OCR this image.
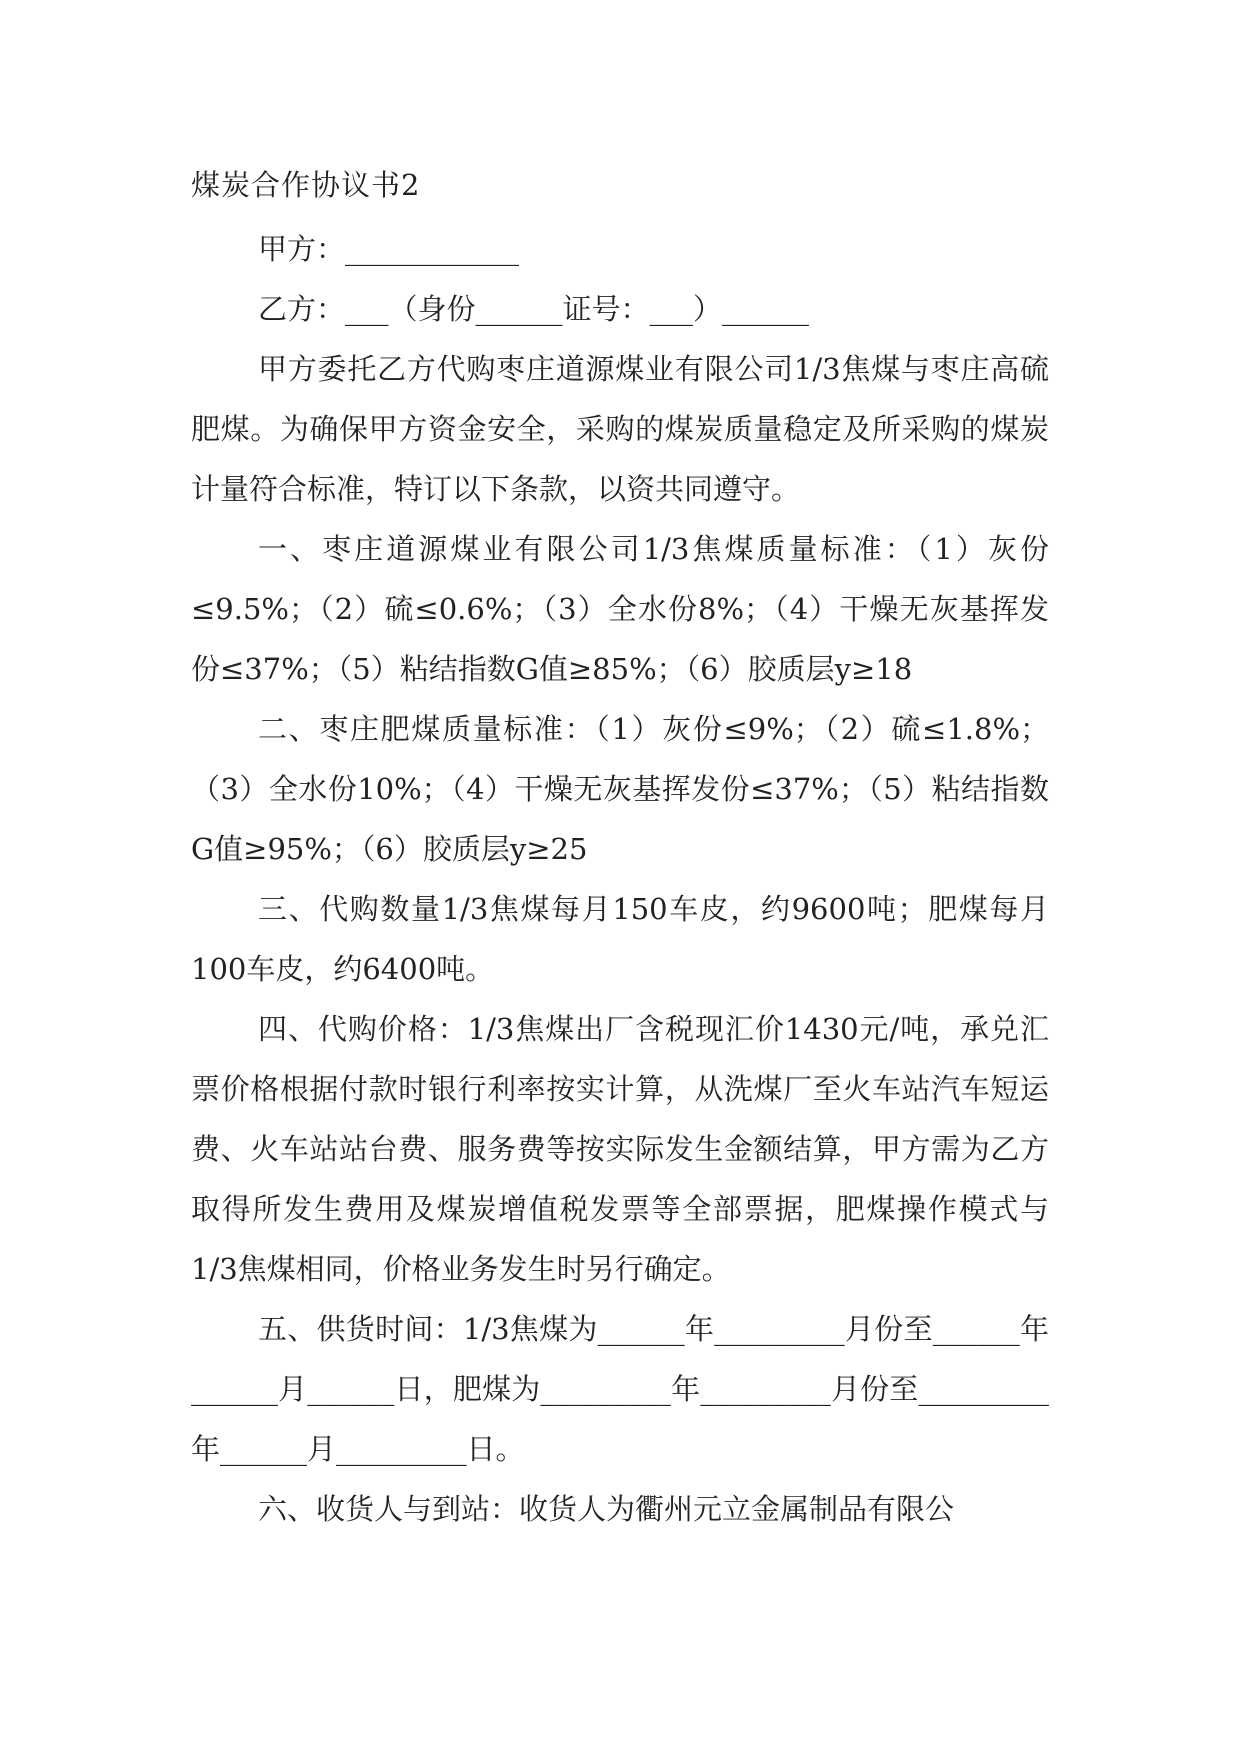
煤炭合作协议书2

甲方：____________

乙方：___（身份______证号：___）______

甲方委托乙方代购枣庄道源煤业有限公司1/3焦煤与枣庄高硫肥煤。为确保甲方资金安全，采购的煤炭质量稳定及所采购的煤炭计量符合标准，特订以下条款，以资共同遵守。

一、枣庄道源煤业有限公司1/3焦煤质量标准：（1）灰份≤9.5%；（2）硫≤0.6%；（3）全水份8%；（4）干燥无灰基挥发份≤37%；（5）粘结指数G值≥85%；（6）胶质层y≥18

二、枣庄肥煤质量标准：（1）灰份≤9%；（2）硫≤1.8%；（3）全水份10%；（4）干燥无灰基挥发份≤37%；（5）粘结指数G值≥95%；（6）胶质层y≥25

三、代购数量1/3焦煤每月150车皮，约9600吨；肥煤每月100车皮，约6400吨。

四、代购价格：1/3焦煤出厂含税现汇价1430元/吨，承兑汇票价格根据付款时银行利率按实计算，从洗煤厂至火车站汽车短运费、火车站站台费、服务费等按实际发生金额结算，甲方需为乙方取得所发生费用及煤炭增值税发票等全部票据，肥煤操作模式与1/3焦煤相同，价格业务发生时另行确定。

五、供货时间：1/3焦煤为______年_________月份至______年______月______日，肥煤为_________年_________月份至_________年______月_________日。

六、收货人与到站：收货人为衢州元立金属制品有限公
